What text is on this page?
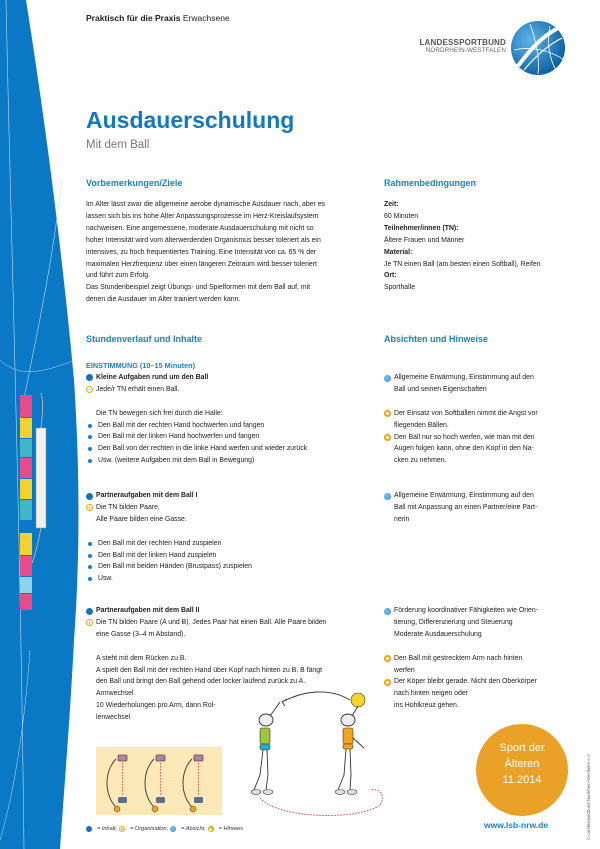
Praktisch für die Praxis Erwachsene
LANDESSPORTBUND
NORDRHEIN-WESTFALEN
Ausdauerschulung
Mit dem Ball
Vorbemerkungen/Ziele

Im Alter lässt zwar die allgemeine aerobe dynamische Ausdauer nach, aber es

lassen sich bis ins hohe Alter Anpassungsprozesse im Herz-Kreislaufsystem

nachweisen. Eine angemessene, moderate Ausdauerschulung mit nicht so

hoher Intensität wird vom älterwerdenden Organismus besser toleriert als ein

intensives, zu hoch frequentiertes Training. Eine Intensität von ca. 65 % der

maximalen Herzfrequenz über einen längeren Zeitraum wird besser toleriert

und führt zum Erfolg.

Das Stundenbeispiel zeigt Übungs- und Spielformen mit dem Ball auf, mit

denen die Ausdauer im Alter trainiert werden kann.

Rahmenbedingungen

Zeit:

60 Minuten

Teilnehmer/innen (TN):

Ältere Frauen und Männer

Material:

Je TN einen Ball (am besten einen Softball), Reifen

Ort:

Sporthalle

Stundenverlauf und Inhalte	Absichten und Hinweise

EINSTIMMUNG (10–15 Minuten)

Kleine Aufgaben rund um den Ball
Jede/r TN erhält einen Ball.

Die TN bewegen sich frei durch die Halle:

Den Ball mit der rechten Hand hochwerfen und fangen
Den Ball mit der linken Hand hochwerfen und fangen
Den Ball von der rechten in die linke Hand werfen und wieder zurück
Usw. (weitere Aufgaben mit dem Ball in Bewegung)
Allgemeine Erwärmung, Einstimmung auf den
Ball und seinen Eigenschaften

Der Einsatz von Softbällen nimmt die Angst vor
fliegenden Bällen.
Den Ball nur so hoch werfen, wie man mit den
Augen folgen kann, ohne den Kopf in den Na-
cken zu nehmen.
Partneraufgaben mit dem Ball I
Die TN bilden Paare.

Alle Paare bilden eine Gasse.

Den Ball mit der rechten Hand zuspielen
Den Ball mit der linken Hand zuspielen
Den Ball mit beiden Händen (Brustpass) zuspielen
Usw.
Allgemeine Erwärmung, Einstimmung auf den
Ball mit Anpassung an einen Partner/eine Part-
nerin
Partneraufgaben mit dem Ball II
Die TN bilden Paare (A und B). Jedes Paar hat einen Ball. Alle Paare bilden
eine Gasse (3–4 m Abstand).

A steht mit dem Rücken zu B.

A spielt den Ball mit der rechten Hand über Kopf nach hinten zu B. B fängt

den Ball und bringt den Ball gehend oder locker laufend zurück zu A.

Armwechsel

10 Wiederholungen pro Arm, dann Rol-

lenwechsel

Förderung koordinativer Fähigkeiten wie Orien-
tierung, Differenzierung und Steuerung
Moderate Ausdauerschulung

Den Ball mit gestrecktem Arm nach hinten
werfen
Der Köper bleibt gerade. Nicht den Oberkörper
nach hinten neigen oder
ins Hohlkreuz gehen.
= Inhalt, = Organisation, = Absicht, = Hinweis
Sport der
Älteren
11.2014
www.lsb-nrw.de	© Landessportbund Nordrhein-Westfalen e.V.
